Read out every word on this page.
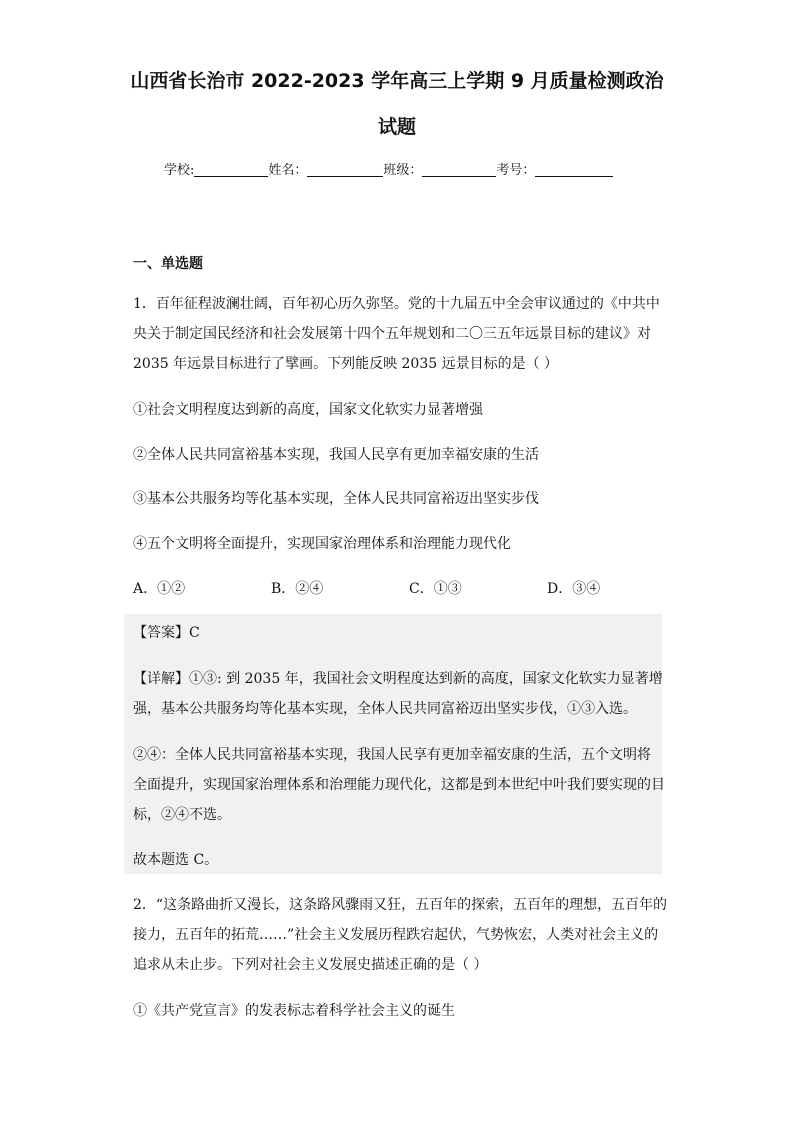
山西省长治市 2022-2023 学年高三上学期 9 月质量检测政治
试题
学校:	姓名：	班级：	考号：
一、单选题
1．百年征程波澜壮阔，百年初心历久弥坚。党的十九届五中全会审议通过的《中共中
央关于制定国民经济和社会发展第十四个五年规划和二〇三五年远景目标的建议》对
2035 年远景目标进行了擘画。下列能反映 2035 远景目标的是（ ）
①社会文明程度达到新的高度，国家文化软实力显著增强
②全体人民共同富裕基本实现，我国人民享有更加幸福安康的生活
③基本公共服务均等化基本实现，全体人民共同富裕迈出坚实步伐
④五个文明将全面提升，实现国家治理体系和治理能力现代化
A．①②	B．②④	C．①③	D．③④
【答案】C
【详解】①③: 到 2035 年，我国社会文明程度达到新的高度，国家文化软实力显著增
强，基本公共服务均等化基本实现，全体人民共同富裕迈出坚实步伐，①③入选。
②④：全体人民共同富裕基本实现，我国人民享有更加幸福安康的生活，五个文明将
全面提升，实现国家治理体系和治理能力现代化，这都是到本世纪中叶我们要实现的目
标，②④不选。
故本题选 C。
2．“这条路曲折又漫长，这条路风骤雨又狂，五百年的探索，五百年的理想，五百年的
接力，五百年的拓荒……”社会主义发展历程跌宕起伏，气势恢宏，人类对社会主义的
追求从未止步。下列对社会主义发展史描述正确的是（ ）
①《共产党宣言》的发表标志着科学社会主义的诞生
